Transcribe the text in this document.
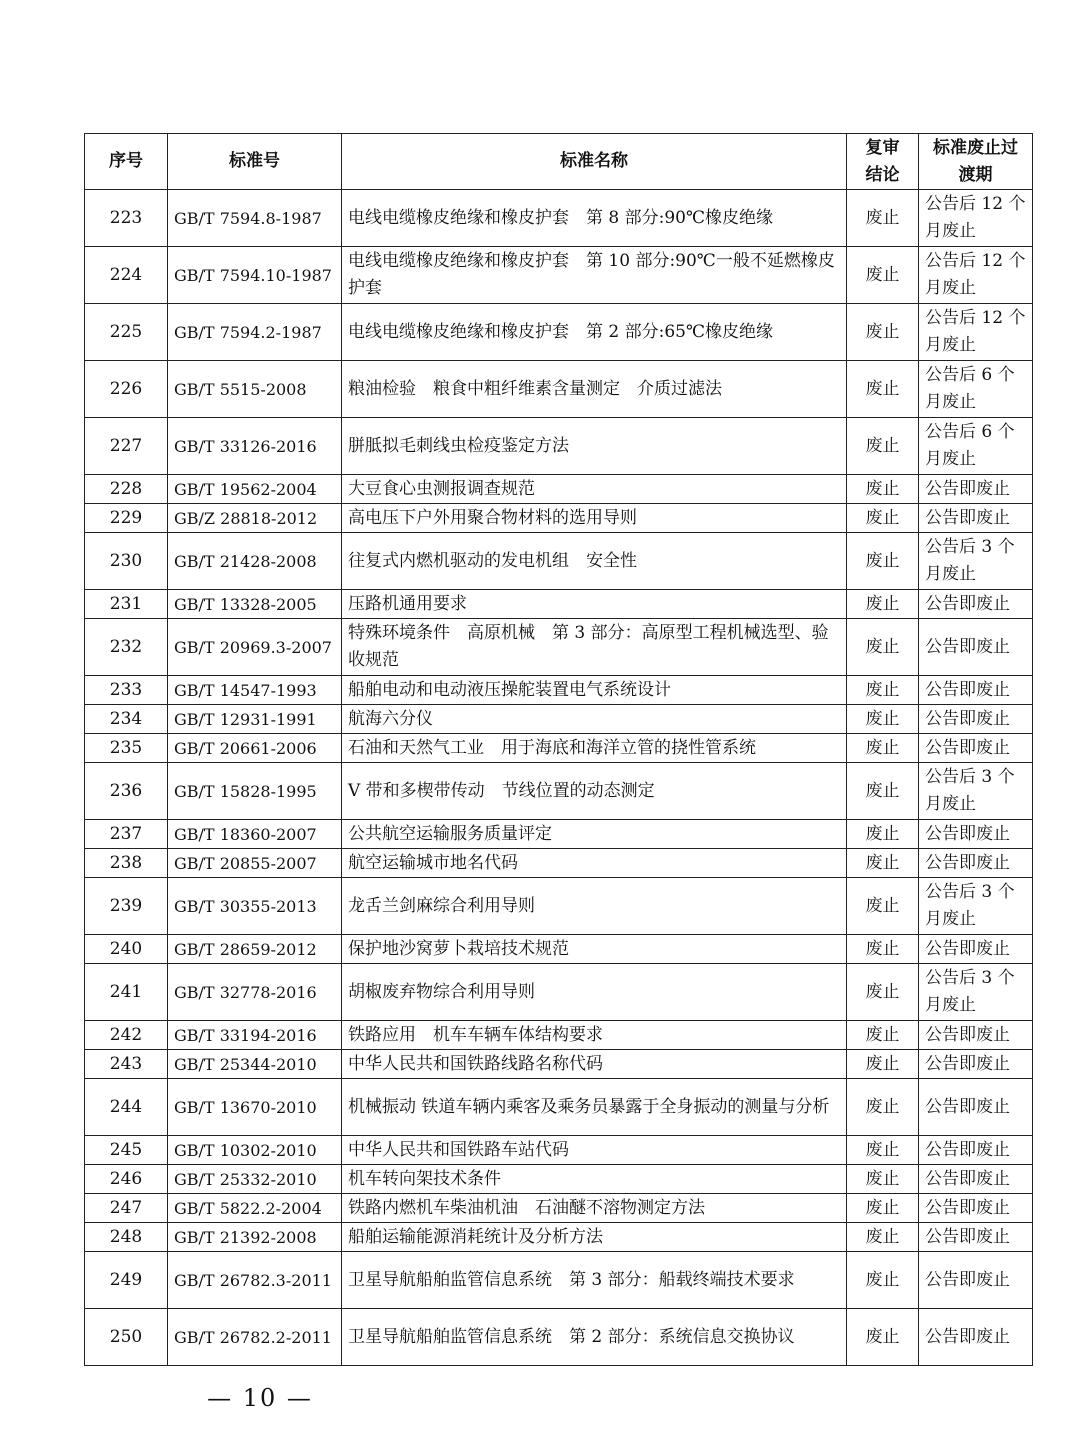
序号	标准号	标准名称	复审结论	标准废止过渡期
223	GB/T 7594.8-1987	电线电缆橡皮绝缘和橡皮护套　第 8 部分:90℃橡皮绝缘	废止	公告后 12 个月废止
224	GB/T 7594.10-1987	电线电缆橡皮绝缘和橡皮护套　第 10 部分:90℃一般不延燃橡皮护套	废止	公告后 12 个月废止
225	GB/T 7594.2-1987	电线电缆橡皮绝缘和橡皮护套　第 2 部分:65℃橡皮绝缘	废止	公告后 12 个月废止
226	GB/T 5515-2008	粮油检验　粮食中粗纤维素含量测定　介质过滤法	废止	公告后 6 个月废止
227	GB/T 33126-2016	胼胝拟毛刺线虫检疫鉴定方法	废止	公告后 6 个月废止
228	GB/T 19562-2004	大豆食心虫测报调查规范	废止	公告即废止
229	GB/Z 28818-2012	高电压下户外用聚合物材料的选用导则	废止	公告即废止
230	GB/T 21428-2008	往复式内燃机驱动的发电机组　安全性	废止	公告后 3 个月废止
231	GB/T 13328-2005	压路机通用要求	废止	公告即废止
232	GB/T 20969.3-2007	特殊环境条件　高原机械　第 3 部分：高原型工程机械选型、验收规范	废止	公告即废止
233	GB/T 14547-1993	船舶电动和电动液压操舵装置电气系统设计	废止	公告即废止
234	GB/T 12931-1991	航海六分仪	废止	公告即废止
235	GB/T 20661-2006	石油和天然气工业　用于海底和海洋立管的挠性管系统	废止	公告即废止
236	GB/T 15828-1995	V 带和多楔带传动　节线位置的动态测定	废止	公告后 3 个月废止
237	GB/T 18360-2007	公共航空运输服务质量评定	废止	公告即废止
238	GB/T 20855-2007	航空运输城市地名代码	废止	公告即废止
239	GB/T 30355-2013	龙舌兰剑麻综合利用导则	废止	公告后 3 个月废止
240	GB/T 28659-2012	保护地沙窝萝卜栽培技术规范	废止	公告即废止
241	GB/T 32778-2016	胡椒废弃物综合利用导则	废止	公告后 3 个月废止
242	GB/T 33194-2016	铁路应用　机车车辆车体结构要求	废止	公告即废止
243	GB/T 25344-2010	中华人民共和国铁路线路名称代码	废止	公告即废止
244	GB/T 13670-2010	机械振动 铁道车辆内乘客及乘务员暴露于全身振动的测量与分析	废止	公告即废止
245	GB/T 10302-2010	中华人民共和国铁路车站代码	废止	公告即废止
246	GB/T 25332-2010	机车转向架技术条件	废止	公告即废止
247	GB/T 5822.2-2004	铁路内燃机车柴油机油　石油醚不溶物测定方法	废止	公告即废止
248	GB/T 21392-2008	船舶运输能源消耗统计及分析方法	废止	公告即废止
249	GB/T 26782.3-2011	卫星导航船舶监管信息系统　第 3 部分：船载终端技术要求	废止	公告即废止
250	GB/T 26782.2-2011	卫星导航船舶监管信息系统　第 2 部分：系统信息交换协议	废止	公告即废止
— 10 —
